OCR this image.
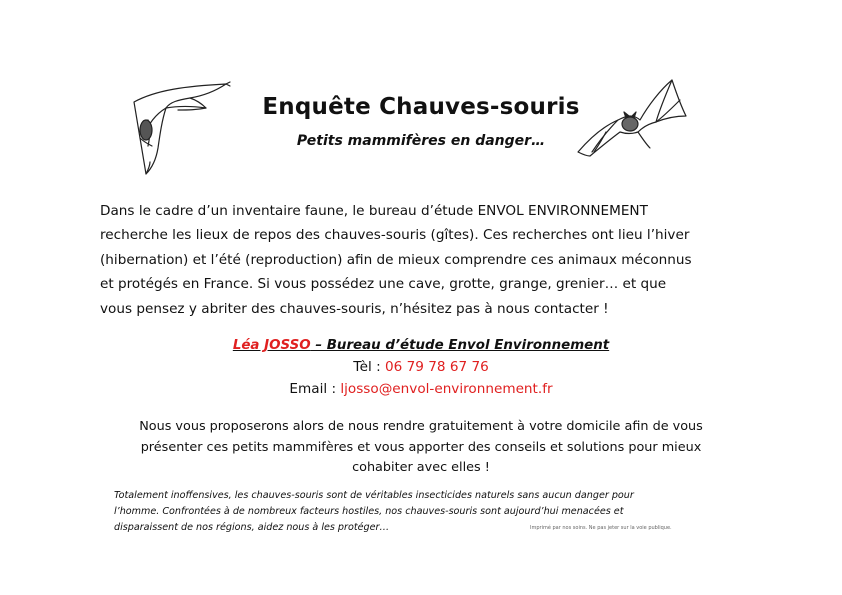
Enquête Chauves-souris
Petits mammifères en danger…
Dans le cadre d’un inventaire faune, le bureau d’étude ENVOL ENVIRONNEMENT
recherche les lieux de repos des chauves-souris (gîtes). Ces recherches ont lieu l’hiver
(hibernation) et l’été (reproduction) afin de mieux comprendre ces animaux méconnus
et protégés en France. Si vous possédez une cave, grotte, grange, grenier… et que
vous pensez y abriter des chauves-souris, n’hésitez pas à nous contacter !
Léa JOSSO – Bureau d’étude Envol Environnement
Tèl : 06 79 78 67 76
Email : ljosso@envol-environnement.fr
Nous vous proposerons alors de nous rendre gratuitement à votre domicile afin de vous
présenter ces petits mammifères et vous apporter des conseils et solutions pour mieux
cohabiter avec elles !
Totalement inoffensives, les chauves-souris sont de véritables insecticides naturels sans aucun danger pour
l’homme. Confrontées à de nombreux facteurs hostiles, nos chauves-souris sont aujourd’hui menacées et
disparaissent de nos régions, aidez nous à les protéger…	Imprimé par nos soins. Ne pas jeter sur la voie publique.
